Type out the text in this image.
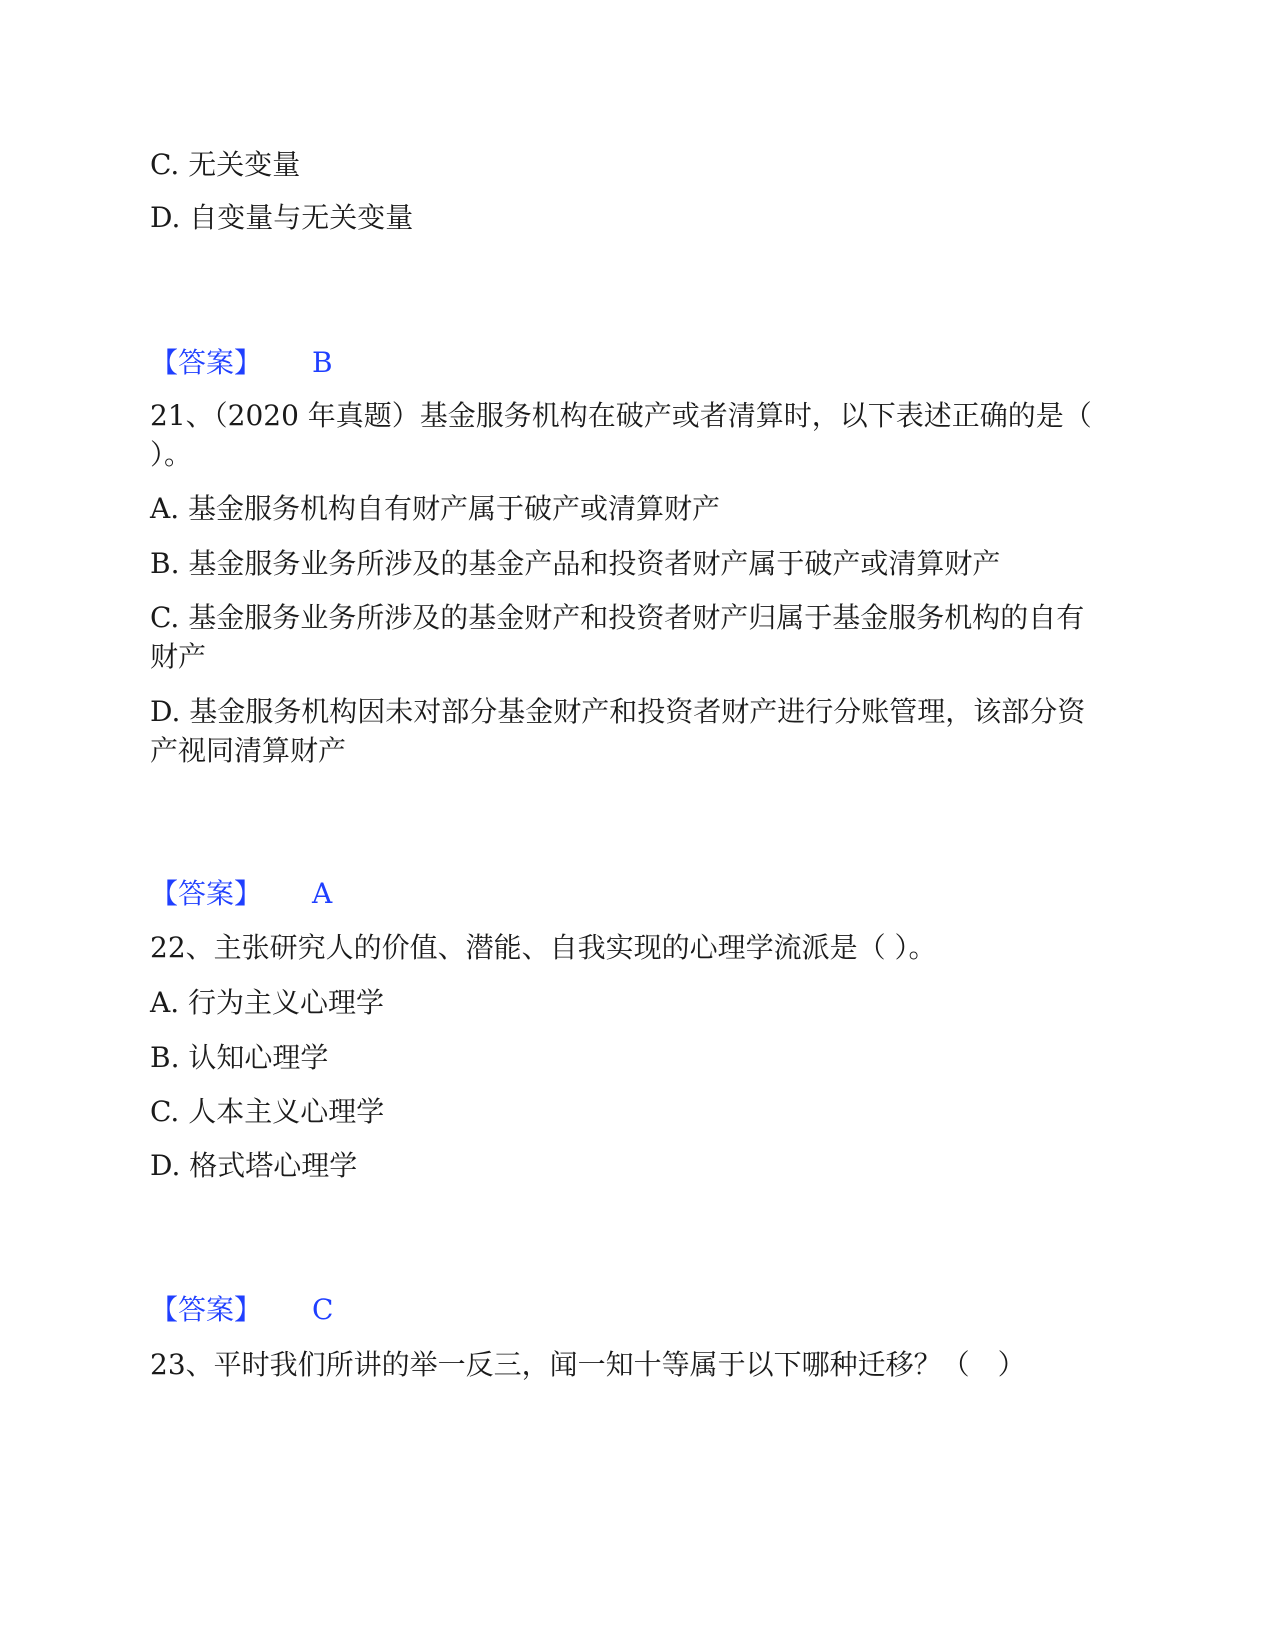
C. 无关变量
D. 自变量与无关变量
【答案】 B
21、（2020 年真题）基金服务机构在破产或者清算时，以下表述正确的是（
）。
A. 基金服务机构自有财产属于破产或清算财产
B. 基金服务业务所涉及的基金产品和投资者财产属于破产或清算财产
C. 基金服务业务所涉及的基金财产和投资者财产归属于基金服务机构的自有
财产
D. 基金服务机构因未对部分基金财产和投资者财产进行分账管理，该部分资
产视同清算财产
【答案】 A
22、主张研究人的价值、潜能、自我实现的心理学流派是（ ）。
A. 行为主义心理学
B. 认知心理学
C. 人本主义心理学
D. 格式塔心理学
【答案】 C
23、平时我们所讲的举一反三，闻一知十等属于以下哪种迁移？（　）
